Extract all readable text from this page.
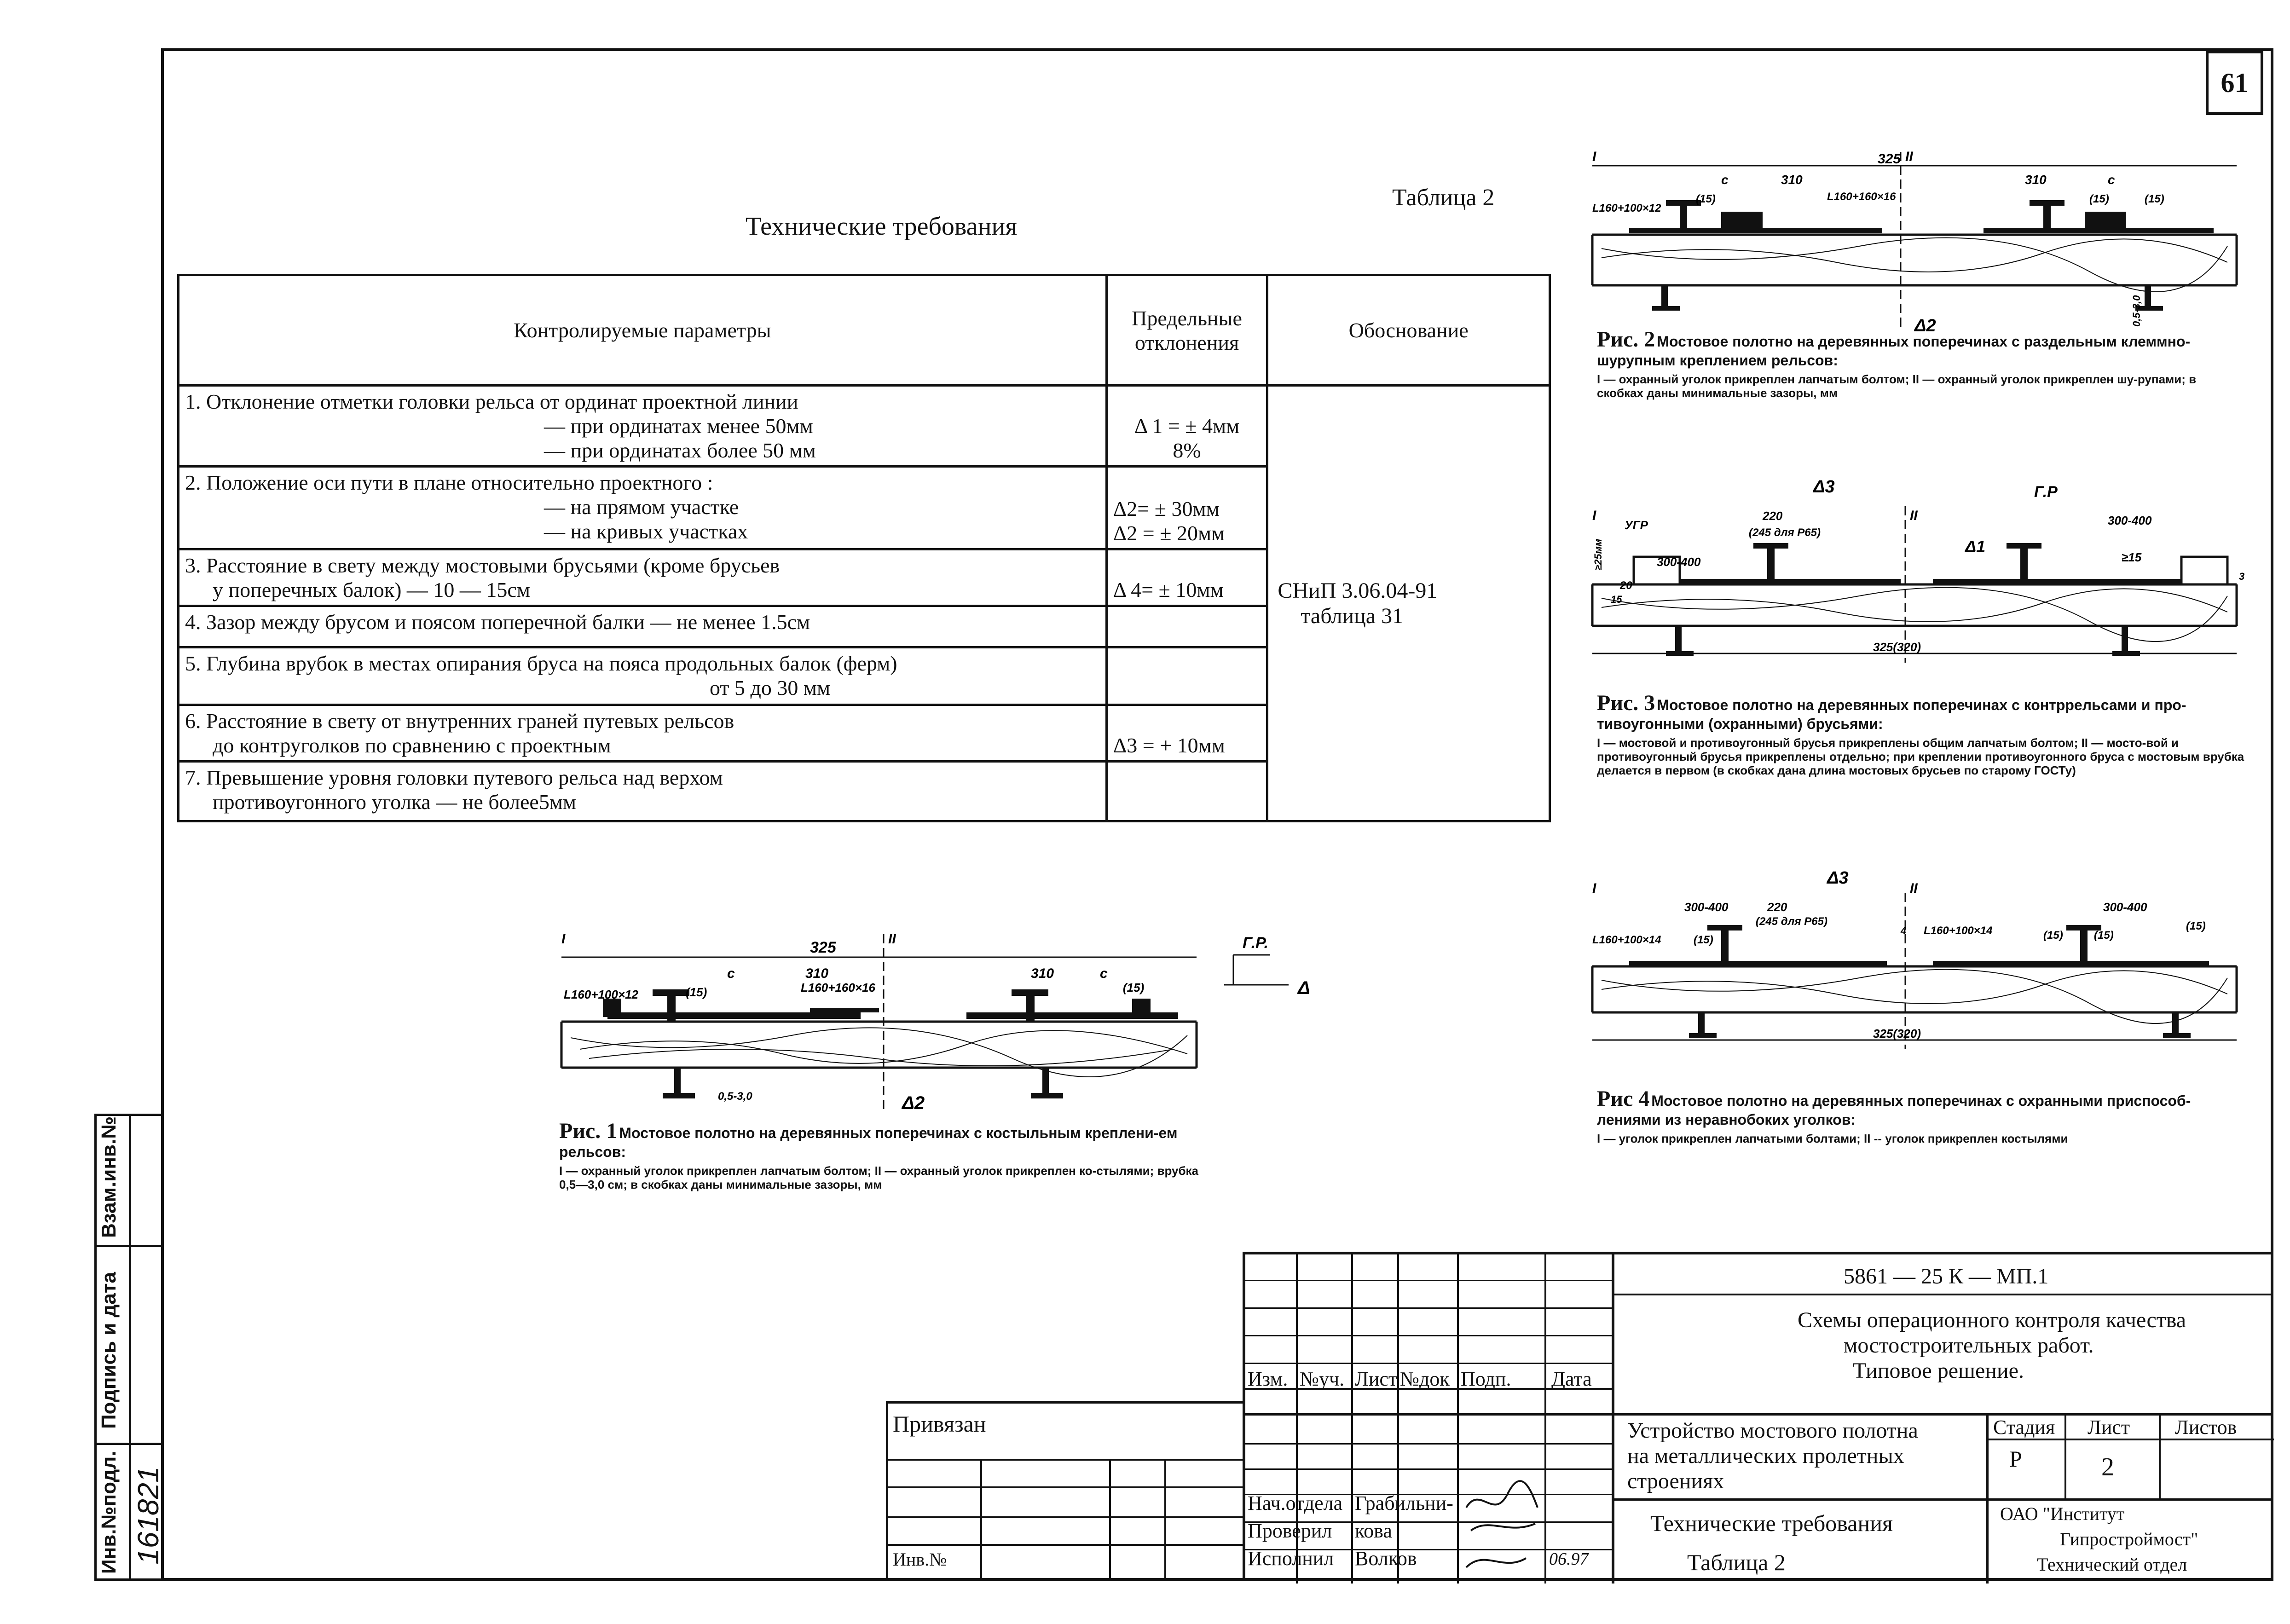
61
Инв.№подл.
Подпись и дата
Взам.инв.№
161821
Таблица 2
Технические требования
Контролируемые параметры	Предельные отклонения	Обоснование
1. Отклонение отметки головки рельса от ординат проектной линии
— при ординатах менее 50мм
— при ординатах более 50 мм	Δ 1 = ± 4мм
8%	СНиП 3.06.04-91
таблица 31

2. Положение оси пути в плане относительно проектного :
— на прямом участке
— на кривых участках	Δ2= ± 30мм
Δ2 = ± 20мм	

3. Расстояние в свету между мостовыми брусьями (кроме брусьев
у поперечных балок) — 10 — 15см	Δ 4= ± 10мм	
4. Зазор между брусом и поясом поперечной балки — не менее 1.5см		
5. Глубина врубок в местах опирания бруса на пояса продольных балок (ферм)
от 5 до 30 мм		

6. Расстояние в свету от внутренних граней путевых рельсов
до контруголков по сравнению с проектным	Δ3 = + 10мм	
7. Превышение уровня головки путевого рельса над верхом
противоугонного уголка — не более5мм		

325
310	310
c	c
(15)	(15)
L160+100×12	L160+160×16
0,5-3,0
Г.Р.
Δ
Δ2
I	II
Рис. 1 Мостовое полотно на деревянных поперечинах с костыльным креплени-ем рельсов:
I — охранный уголок прикреплен лапчатым болтом; II — охранный уголок прикреплен ко-стылями; врубка 0,5—3,0 см; в скобках даны минимальные зазоры, мм
I	II
325
310	310
c	c
(15)	(15)	(15)
L160+100×12
L160+160×16
0,5-3,0
Δ2
Рис. 2 Мостовое полотно на деревянных поперечинах с раздельным клеммно-шурупным креплением рельсов:
I — охранный уголок прикреплен лапчатым болтом; II — охранный уголок прикреплен шу-рупами; в скобках даны минимальные зазоры, мм
I	II
УГР
300-400
300-400
220
(245 для Р65)
Г.Р
≥15
≥25мм
20
15
325(320)
Δ3
Δ1
3
Рис. 3 Мостовое полотно на деревянных поперечинах с контррельсами и про-тивоугонными (охранными) брусьями:
I — мостовой и противоугонный брусья прикреплены общим лапчатым болтом; II — мосто-вой и противоугонный брусья прикреплены отдельно; при креплении противоугонного бруса с мостовым врубка делается в первом (в скобках дана длина мостовых брусьев по старому ГОСТу)
I	II
300-400	300-400
220
(245 для Р65)
(15)	(15)	(15)
(15)
L160+100×14
L160+100×14
4
325(320)
Δ3
Рис 4 Мостовое полотно на деревянных поперечинах с охранными приспособ-лениями из неравнобоких уголков:
I — уголок прикреплен лапчатыми болтами; II -- уголок прикреплен костылями
Изм. №уч. Лист №док Подп. Дата
Нач.отдела Грабильни-
Проверил кова
Исполнил Волков	06.97
5861 — 25 К — МП.1
Схемы операционного контроля качества
мостостроительных работ.
Типовое решение.
Устройство мостового полотна
на металлических пролетных
строениях
Стадия Лист Листов
Р	2
Технические требования
Таблица 2
ОАО "Институт
Гипростроймост"
Технический отдел
Привязан
Инв.№
